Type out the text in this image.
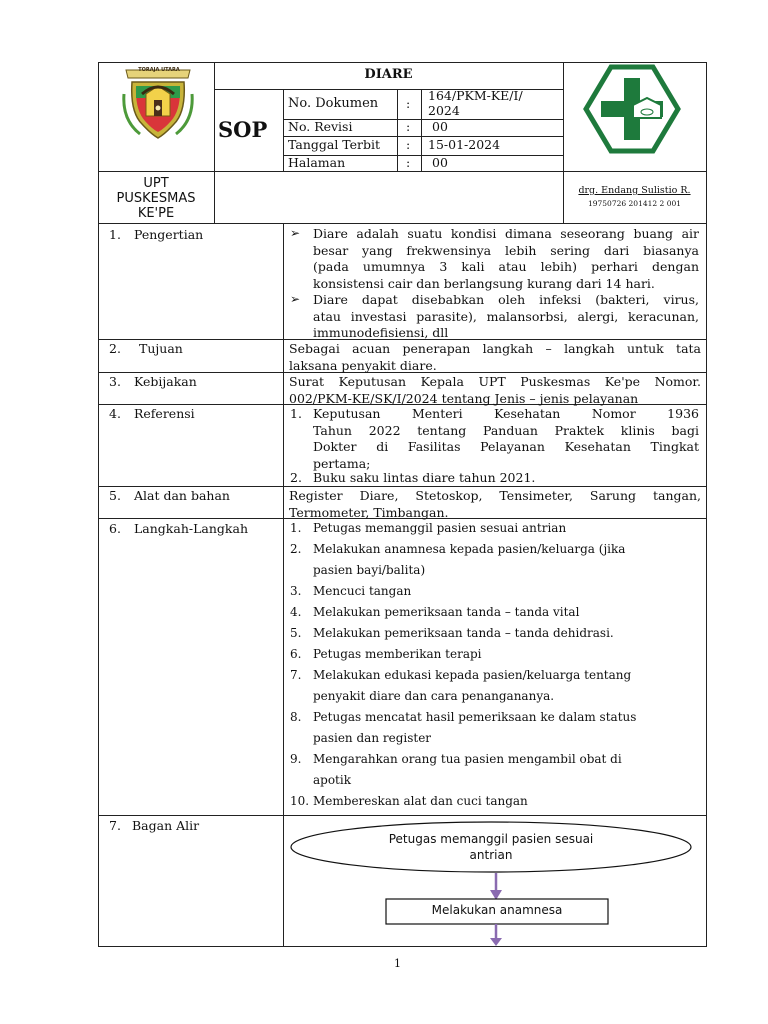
TORAJA UTARA	DIARE
SOP
No. Dokumen :
164/PKM-KE/I/
2024
No. Revisi	: 00
Tanggal Terbit : 15-01-2024
Halaman	: 00
UPT
PUSKESMAS
KE'PE
drg. Endang Sulistio R.
19750726 201412 2 001
1. Pengertian	➢ Diare adalah suatu kondisi dimana seseorang buang air
besar yang frekwensinya lebih sering dari biasanya
(pada umumnya 3 kali atau lebih) perhari dengan
konsistensi cair dan berlangsung kurang dari 14 hari.
➢ Diare dapat disebabkan oleh infeksi (bakteri, virus,
atau investasi parasite), malansorbsi, alergi, keracunan,
immunodefisiensi, dll
2. Tujuan	Sebagai acuan penerapan langkah – langkah untuk tata
laksana penyakit diare.
3. Kebijakan	Surat Keputusan Kepala UPT Puskesmas Ke'pe Nomor.
002/PKM-KE/SK/I/2024 tentang Jenis – jenis pelayanan
4. Referensi	1. Keputusan Menteri Kesehatan Nomor 1936
Tahun 2022 tentang Panduan Praktek klinis bagi
Dokter di Fasilitas Pelayanan Kesehatan Tingkat
pertama;
2. Buku saku lintas diare tahun 2021.
5. Alat dan bahan	Register Diare, Stetoskop, Tensimeter, Sarung tangan,
Termometer, Timbangan.
6. Langkah-Langkah	1. Petugas memanggil pasien sesuai antrian
2. Melakukan anamnesa kepada pasien/keluarga (jika
pasien bayi/balita)
3. Mencuci tangan
4. Melakukan pemeriksaan tanda – tanda vital
5. Melakukan pemeriksaan tanda – tanda dehidrasi.
6. Petugas memberikan terapi
7. Melakukan edukasi kepada pasien/keluarga tentang
penyakit diare dan cara penangananya.
8. Petugas mencatat hasil pemeriksaan ke dalam status
pasien dan register
9. Mengarahkan orang tua pasien mengambil obat di
apotik
10. Membereskan alat dan cuci tangan
7. Bagan Alir
Petugas memanggil pasien sesuai
antrian
Melakukan anamnesa
1
